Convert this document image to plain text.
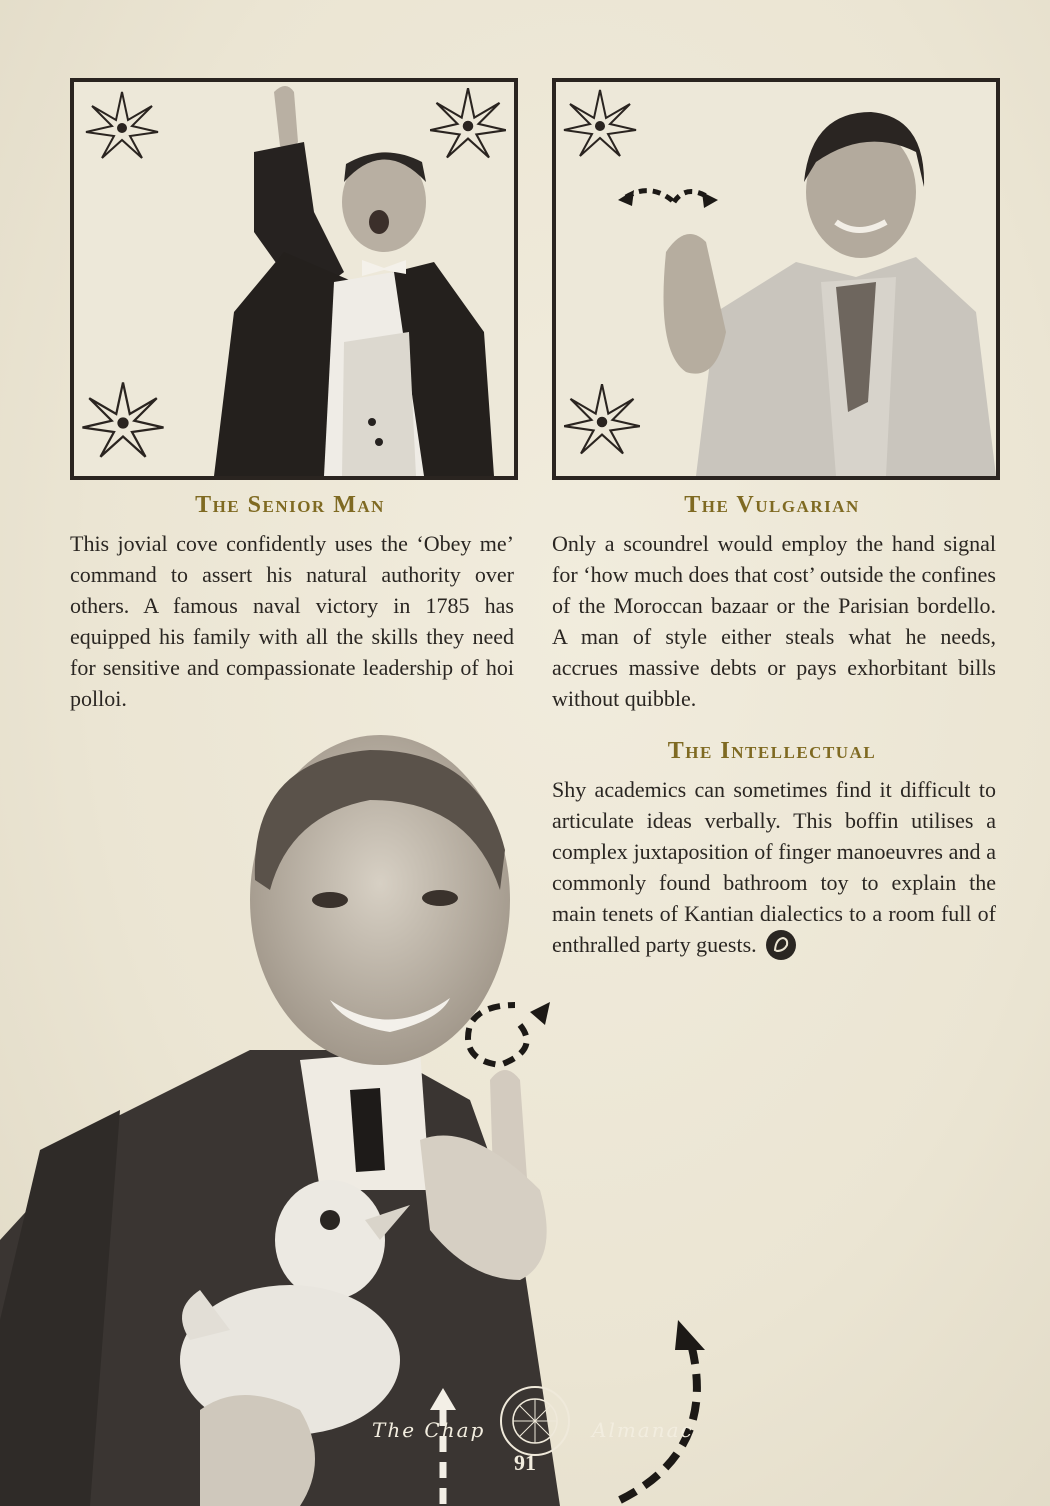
The Senior Man
This jovial cove confidently uses the ‘Obey me’ command to assert his natural authority over others. A famous naval victory in 1785 has equipped his family with all the skills they need for sensitive and compassionate leadership of hoi polloi.
The Vulgarian
Only a scoundrel would employ the hand signal for ‘how much does that cost’ outside the confines of the Moroccan bazaar or the Parisian bordello. A man of style either steals what he needs, accrues massive debts or pays exhorbitant bills without quibble.
The Intellectual
Shy academics can sometimes find it difficult to articulate ideas verbally. This boffin utilises a complex juxtaposition of finger manoeuvres and a commonly found bathroom toy to explain the main tenets of Kantian dialectics to a room full of enthralled party guests.
The Chap	Almanac
91
